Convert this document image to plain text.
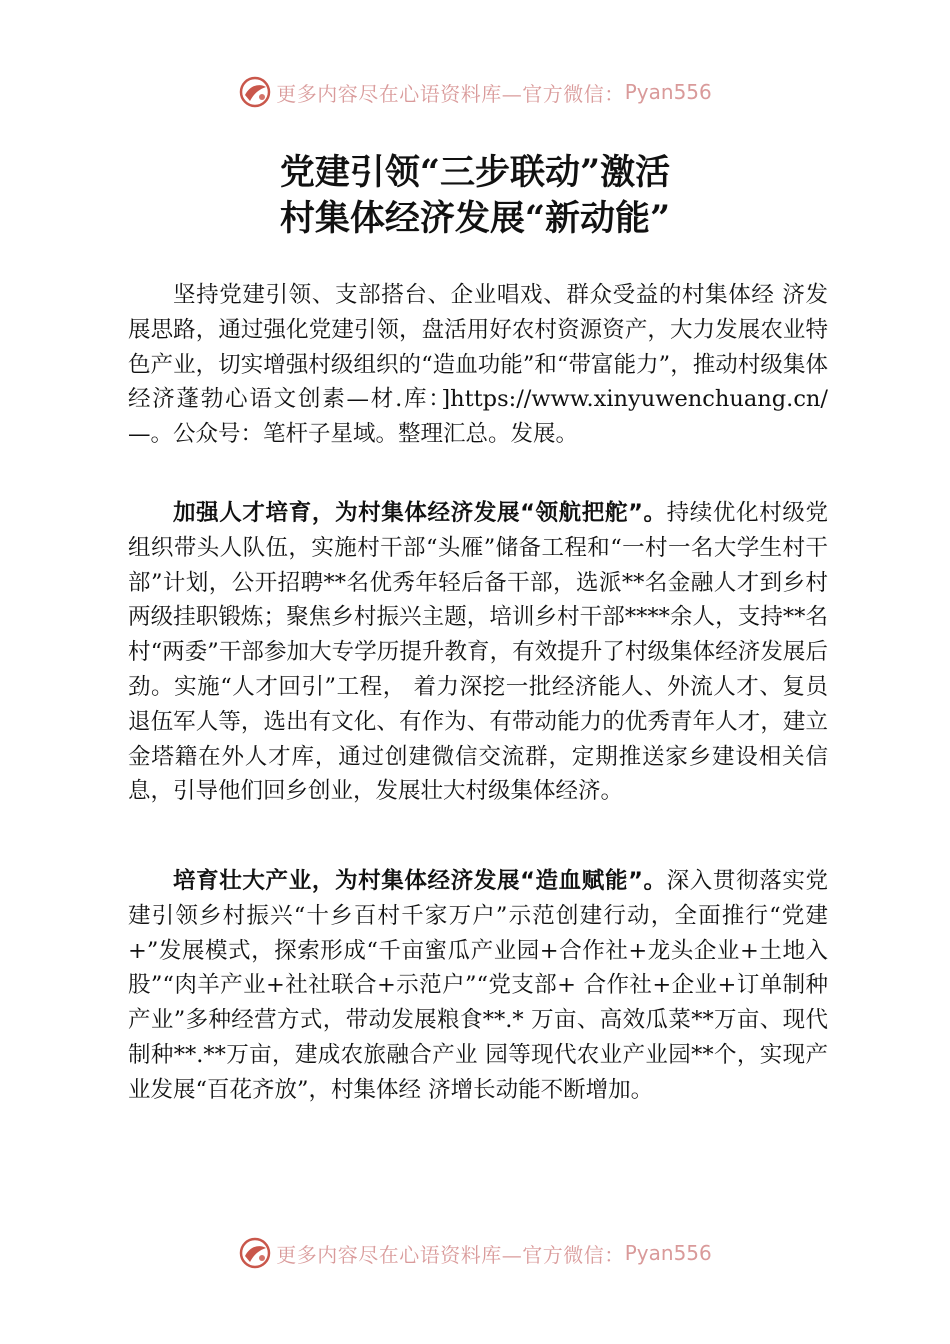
更多内容尽在心语资料库—官方微信： Pyan556
党建引领“三步联动”激活
村集体经济发展“新动能”
坚持党建引领、支部搭台、企业唱戏、群众受益的村集体经 济发展思路，通过强化党建引领，盘活用好农村资源资产，大力发展农业特色产业，切实增强村级组织的“造血功能”和“带富能力”，推动村级集体经济蓬勃心语文创素—材.库：]https://www.xinyuwenchuang.cn/—。公众号：笔杆子星域。整理汇总。发展。
加强人才培育，为村集体经济发展“领航把舵”。持续优化村级党组织带头人队伍，实施村干部“头雁”储备工程和“一村一名大学生村干部”计划，公开招聘**名优秀年轻后备干部，选派**名金融人才到乡村两级挂职锻炼；聚焦乡村振兴主题，培训乡村干部****余人，支持**名村“两委”干部参加大专学历提升教育，有效提升了村级集体经济发展后劲。实施“人才回引”工程， 着力深挖一批经济能人、外流人才、复员退伍军人等，选出有文化、有作为、有带动能力的优秀青年人才，建立金塔籍在外人才库，通过创建微信交流群，定期推送家乡建设相关信息，引导他们回乡创业，发展壮大村级集体经济。
培育壮大产业，为村集体经济发展“造血赋能”。深入贯彻落实党建引领乡村振兴“十乡百村千家万户”示范创建行动，全面推行“党建+”发展模式，探索形成“千亩蜜瓜产业园+合作社+龙头企业+土地入股”“肉羊产业+社社联合+示范户”“党支部+ 合作社+企业+订单制种产业”多种经营方式，带动发展粮食**.* 万亩、高效瓜菜**万亩、现代制种**.**万亩，建成农旅融合产业 园等现代农业产业园**个，实现产业发展“百花齐放”，村集体经 济增长动能不断增加。
更多内容尽在心语资料库—官方微信： Pyan556
